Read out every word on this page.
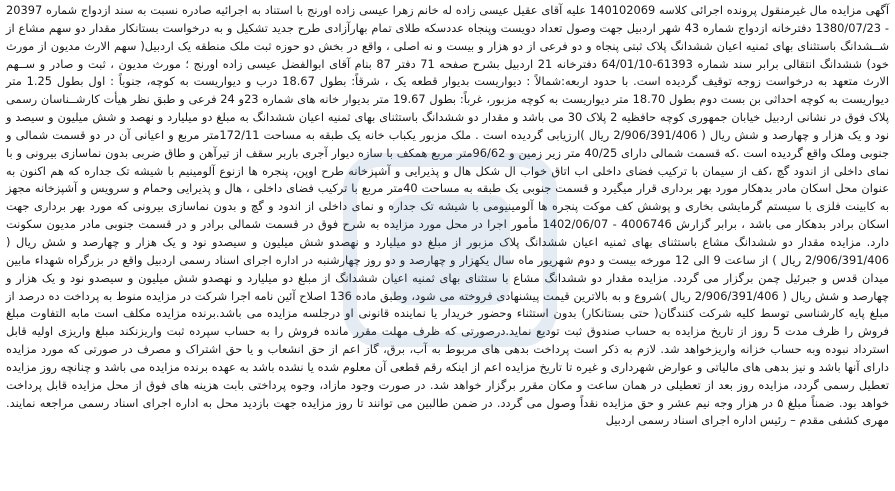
آگهی مزایده مال غیرمنقول پرونده اجرائی کلاسه 140102069 علیه آقای عقیل عیسی زاده له خانم زهرا عیسی زاده اورنج با استناد به اجرائیه صادره نسبت به سند ازدواج شماره 20397 - 1380/07/23 دفترخانه ازدواج شماره 43 شهر اردبیل جهت وصول تعداد دویست وپنجاه عددسکه طلای تمام بهارآزادی طرح جدید تشکیل و به درخواست بستانکار مقدار دو سهم مشاع از شــشدانگ باستثنای بهای ثمنیه اعیان ششدانگ پلاک ثبتی پنجاه و دو فرعی از دو هزار و بیست و نه اصلی ، واقع در بخش دو حوزه ثبت ملک منطقه یک اردبیل( سهم الارث مدیون از مورث خود) ششدانگ انتقالی برابر سند شماره 61393-64/01/10 دفترخانه 21 اردبیل بشرح صفحه 71 دفتر 87 بنام آقای ابوالفضل عیسی زاده اورنج ؛ مورث مدیون ، ثبت و صادر و ســهم الارث متعهد به درخواست زوجه توقیف گردیده است. با حدود اربعه:شمالاً : دیواریست بدیوار قطعه یک ، شرقاً: بطول 18.67 درب و دیواریست به کوچه، جنوباً : اول بطول 1.25 متر دیواریست به کوچه احداثی بن بست دوم بطول 18.70 متر دیواریست به کوچه مزبور، غرباً: بطول 19.67 متر بدیوار خانه های شماره 23و 24 فرعی و طبق نظر هیأت کارشــناسان رسمی پلاک فوق در نشانی اردبیل خیابان جمهوری کوچه حافظیه 2 پلاک 30 می باشد و مقدار دو ششدانگ باستثنای بهای ثمنیه اعیان ششدانگ به مبلغ دو میلیارد و نهصد و شش میلیون و سیصد و نود و یک هزار و چهارصد و شش ریال ( 2/906/391/406 ریال )ارزیابی گردیده است . ملک مزبور یکباب خانه یک طبقه به مساحت 172/11متر مربع و اعیانی آن در دو قسمت شمالی و جنوبی وملک واقع گردیده است .که قسمت شمالی دارای 40/25 متر زیر زمین و 96/62متر مربع همکف با سازه دیوار آجری باربر سقف از تیرآهن و طاق ضربی بدون نماسازی بیرونی و با نمای داخلی از اندود گچ ،کف از سیمان با ترکیب فضای داخلی اب اتاق خواب ال شکل هال و پذیرایی و آشپزخانه طرح اوپن، پنجره ها ازنوع آلومینیم با شیشه تک جداره که هم اکنون به عنوان محل اسکان مادر بدهکار مورد بهر برداری قرار میگیرد و قسمت جنوبی یک طبقه به مساحت 40متر مربع با ترکیب فضای داخلی ، هال و پذیرایی وحمام و سرویس و آشپزخانه مجهز به کابینت فلزی با سیستم گرمایشی بخاری و پوشش کف موکت پنجره ها آلومینیومی با شیشه تک جداره و نمای داخلی از اندود و گچ و بدون نماسازی بیرونی که مورد بهر برداری جهت اسکان برادر بدهکار می باشد ، برابر گزارش 4006746 - 1402/06/07 مأمور اجرا در محل مورد مزایده به شرح فوق در قسمت شمالی برادر و در قسمت جنوبی مادر مدیون سکونت دارد. مزایده مقدار دو ششدانگ مشاع باستثنای بهای ثمنیه اعیان ششدانگ پلاک مزبور از مبلغ دو میلیارد و نهصدو شش میلیون و سیصدو نود و یک هزار و چهارصد و شش ریال ( 2/906/391/406 ریال ) از ساعت 9 الی 12 مورخه بیست و دوم شهریور ماه سال یکهزار و چهارصد و دو روز چهارشنبه در اداره اجرای اسناد رسمی اردبیل واقع در بزرگراه شهداء مابین میدان قدس و جبرئیل چمن برگزار می گردد. مزایده مقدار دو ششدانگ مشاع با ستثنای بهای ثمنیه اعیان ششدانگ از مبلغ دو میلیارد و نهصدو شش میلیون و سیصدو نود و یک هزار و چهارصد و شش ریال ( 2/906/391/406 ریال )شروع و به بالاترین قیمت پیشنهادی فروخته می شود، وطبق ماده 136 اصلاح آئین نامه اجرا شرکت در مزایده منوط به پرداخت ده درصد از مبلغ پایه کارشناسی توسط کلیه شرکت کنندگان( حتی بستانکار) بدون استثناء وحضور خریدار یا نماینده قانونی او درجلسه مزایده می باشد.برنده مزایده مکلف است مابه التفاوت مبلغ فروش را ظرف مدت 5 روز از تاریخ مزایده به حساب صندوق ثبت تودیع نماید.درصورتی که ظرف مهلت مقرر مانده فروش را به حساب سپرده ثبت واریزنکند مبلغ واریزی اولیه قابل استرداد نبوده وبه حساب خزانه واریزخواهد شد. لازم به ذکر است پرداخت بدهی های مربوط به آب، برق، گاز اعم از حق انشعاب و یا حق اشتراک و مصرف در صورتی که مورد مزایده دارای آنها باشد و نیز بدهی های مالیاتی و عوارض شهرداری و غیره تا تاریخ مزایده اعم از اینکه رقم قطعی آن معلوم شده یا نشده باشد به عهده برنده مزایده می باشد و چنانچه روز مزایده تعطیل رسمی گردد، مزایده روز بعد از تعطیلی در همان ساعت و مکان مقرر برگزار خواهد شد. در صورت وجود مازاد، وجوه پرداختی بابت هزینه های فوق از محل مزایده قابل پرداخت خواهد بود. ضمناً مبلغ ۵ در هزار وجه نیم عشر و حق مزایده نقداً وصول می گردد. در ضمن طالبین می توانند تا روز مزایده جهت بازدید محل به اداره اجرای اسناد رسمی مراجعه نمایند. مهری کشفی مقدم – رئیس اداره اجرای اسناد رسمی اردبیل
